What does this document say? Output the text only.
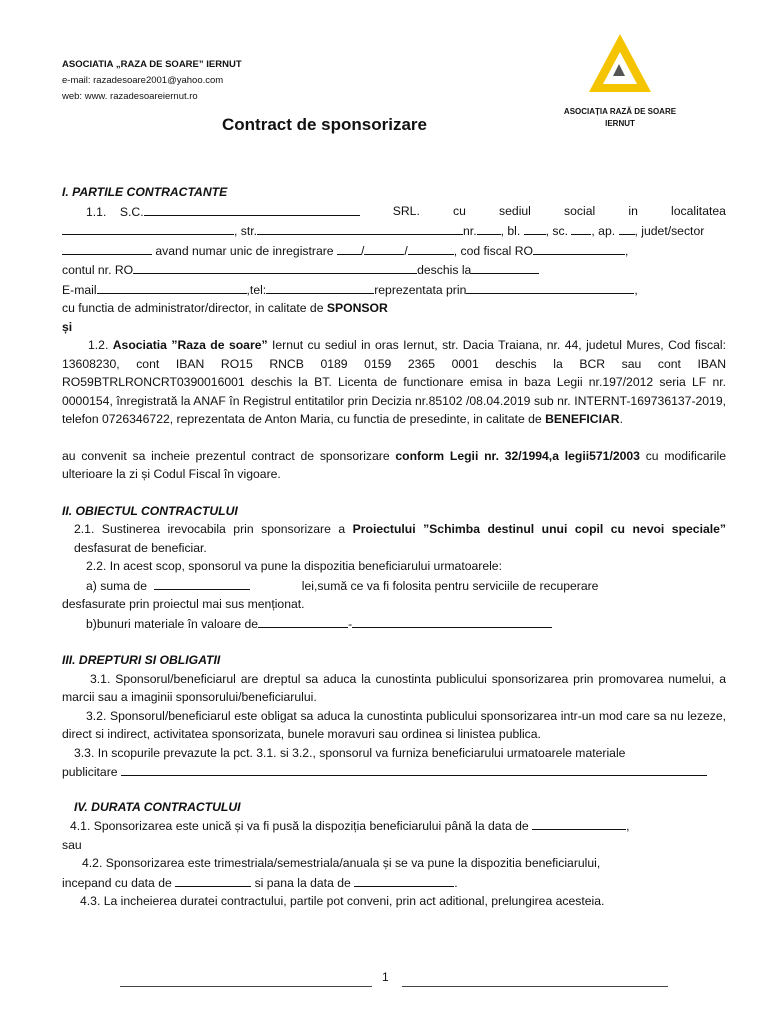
ASOCIATIA „RAZA DE SOARE” IERNUT
e-mail: razadesoare2001@yahoo.com
web: www. razadesoareiernut.ro
Contract de sponsorizare
ASOCIAȚIA RAZĂ DE SOARE
IERNUT
I. PARTILE CONTRACTANTE
1.1. S.C.	SRL.	cu	sediul	social	in	localitatea
, str.	nr. , bl. , sc. , ap. , judet/sector
avand numar unic de inregistrare /	/	, cod fiscal RO	,
contul nr. RO	deschis la
E-mail	,tel:	reprezentata prin	,
cu functia de administrator/director, in calitate de SPONSOR
și
1.2. Asociatia ”Raza de soare” Iernut cu sediul in oras Iernut, str. Dacia Traiana, nr. 44, judetul Mures, Cod fiscal: 13608230, cont IBAN RO15 RNCB 0189 0159 2365 0001 deschis la BCR sau cont IBAN RO59BTRLRONCRT0390016001 deschis la BT. Licenta de functionare emisa in baza Legii nr.197/2012 seria LF nr. 0000154, înregistrată la ANAF în Registrul entitatilor prin Decizia nr.85102 /08.04.2019 sub nr. INTERNT-169736137-2019, telefon 0726346722, reprezentata de Anton Maria, cu functia de presedinte, in calitate de BENEFICIAR.
au convenit sa incheie prezentul contract de sponsorizare conform Legii nr. 32/1994,a legii571/2003 cu modificarile ulterioare la zi și Codul Fiscal în vigoare.
II. OBIECTUL CONTRACTULUI
2.1. Sustinerea irevocabila prin sponsorizare a Proiectului ”Schimba destinul unui copil cu nevoi speciale” desfasurat de beneficiar.
2.2. In acest scop, sponsorul va pune la dispozitia beneficiarului urmatoarele:
a) suma de	lei,sumă ce va fi folosita pentru serviciile de recuperare
desfasurate prin proiectul mai sus menționat.
b)bunuri materiale în valoare de	-
III. DREPTURI SI OBLIGATII
3.1. Sponsorul/beneficiarul are dreptul sa aduca la cunostinta publicului sponsorizarea prin promovarea numelui, a marcii sau a imaginii sponsorului/beneficiarului.
3.2. Sponsorul/beneficiarul este obligat sa aduca la cunostinta publicului sponsorizarea intr-un mod care sa nu lezeze, direct si indirect, activitatea sponsorizata, bunele moravuri sau ordinea si linistea publica.
3.3. In scopurile prevazute la pct. 3.1. si 3.2., sponsorul va furniza beneficiarului urmatoarele materiale
publicitare
IV. DURATA CONTRACTULUI
4.1. Sponsorizarea este unică și va fi pusă la dispoziția beneficiarului până la data de	,
sau
4.2. Sponsorizarea este trimestriala/semestriala/anuala și se va pune la dispozitia beneficiarului,
incepand cu data de	si pana la data de	.
4.3. La incheierea duratei contractului, partile pot conveni, prin act aditional, prelungirea acesteia.
1
